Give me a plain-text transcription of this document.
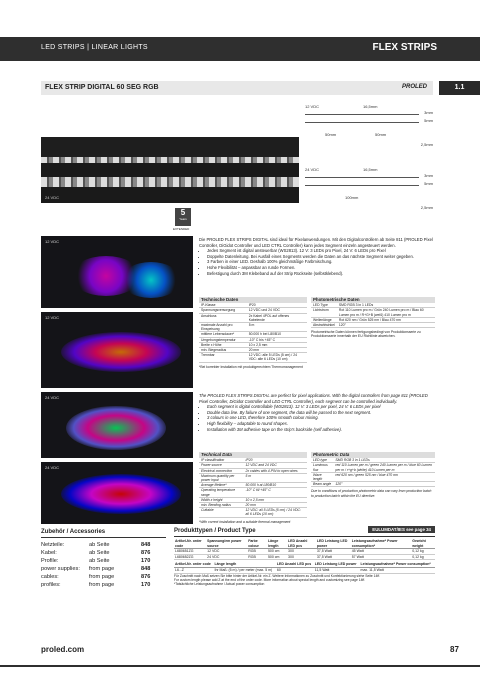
LED STRIPS | LINEAR LIGHTS	FLEX STRIPS
FLEX STRIP DIGITAL 60 SEG RGB	PROLED	1.1
24 VDC
12 VDC	16,5mm
3mm
5mm
50mm	50mm
2,5mm
24 VDC	16,5mm
3mm
5mm
100mm
2,5mm
5
Years
EXTENDED
12 VDC
12 VDC
24 VDC
24 VDC

Die PROLED FLEX STRIPS DIGITAL sind ideal für Pixelanwendungen. Mit den Digitalcontrollern ab Seite 811 (PROLED Pixel Controller, DiGidot Controller und LED CTRL Controller) kann jedes Segment einzeln angesteuert werden.

• Jedes Segment ist digital ansteuerbar (WS2813). 12 V: 3 LEDs pro Pixel, 24 V: 6 LEDs pro Pixel
• Doppelte Datenleitung. Bei Ausfall eines Segments werden die Daten an das nächste Segment weiter gegeben.
• 3 Farben in einer LED. Deshalb 100% gleichmäßige Farbmischung.
• Hohe Flexibilität – anpassbar an runde Formen.
• Befestigung durch 3M Klebeband auf der Strip Rückseite (selbstklebend).
Technische Daten
IP-Klasse	IP20
Spannungsversorgung	12 VDC und 24 VDC
Anschluss	2x Kabel 4POL auf offenes Kabelende
maximale Anzahl pro Einspeisung	5 m
mittlere Lebensdauer*	50.000 h bei L80/B10
Umgebungstemperatur	-10° C bis +45° C
Breite x Höhe	10 x 2,5 mm
min. Biegeradius	20 mm
Trennbar	12 VDC: alle 5 LEDs (5 cm) / 24 VDC: alle 6 LEDs (10 cm)
*Bei korrekter Installation mit produktgerechtem Thermomanagement
Photometrische Daten
LED Type	SMD RGB 3 in 1 LEDs
Lichtstrom	Rot 110 Lumen pro m / Grün 240 Lumen pro m / Blau 60 Lumen pro m / R+G+B (weiß) 410 Lumen pro m
Wellenlänge	Rot 620 nm / Grün 525 nm / Blau 470 nm
Abstrahlwinkel	120°
Photometrische Daten können fertigungsbedingt von Produktionsserie zu Produktionsserie innerhalb der EU Richtlinie abweichen.

The PROLED FLEX STRIPS DIGITAL are perfect for pixel applications. With the digital controllers from page 811 (PROLED Pixel Controller, DiGidot Controller and LED CTRL Controller), each segment can be controlled individually.

• Each segment is digital controllable (WS2813). 12 V: 3 LEDs per pixel, 24 V: 6 LEDs per pixel
• Double data line. By failure of one segment, the data will be passed to the next segment.
• 3 colours in one LED, therefore 100% smooth colour mixing.
• High flexibility – adaptable to round shapes.
• Installation with 3M adhesive tape on the strip's backside (self adhesive).
Technical Data
IP classification	IP20
Power source	12 VDC and 24 VDC
Electrical connection	2x cables with 4-PIN to open wires
Maximum quantity per power input	5 m
Average lifetime*	50.000 h at L80/B10
Operating temperature range	-10° C till +45° C
Width x height	10 x 2,5 mm
min. Bending radius	20 mm
Cuttable	12 VDC: all 5 LEDs (5 cm) / 24 VDC: all 6 LEDs (10 cm)
*With correct installation and a suitable thermal management
Photometric Data
LED type	SMD RGB 3 in 1 LEDs
Luminous flux	red 110 Lumen per m / green 240 Lumen per m / blue 60 Lumen per m / r+g+b (white) 410 Lumen per m
Wave length	red 620 nm / green 525 nm / blue 470 nm
Beam angle	120°
Due to conditions of production photometric data can vary from production batch to production batch within the EU directive.
Zubehör / Accessories
Netzteile:	ab Seite	848
Kabel:	ab Seite	876
Profile:	ab Seite	170
power supplies:	from page	848
cables:	from page	876
profiles:	from page	170
Produkttypen / Product Type	EULUMDAT/IES see page 34
Artikel-Nr. order code	Spannung/em power source	Farbe colour	Länge length	LED Anzahl LED pcs	LED Leistung LED power	Leistungsaufnahme* Power consumption*	Gewicht weight
L680651ZG	12 VDC	RGB	500 cm	300	37,5 Watt	45 Watt	0,12 kg
L680652ZG	24 VDC	RGB	500 cm	300	37,5 Watt	57 Watt	0,12 kg
Artikel-Nr. order code	Länge length	LED Anzahl LED pcs	LED Leistung LED power	Leistungsaufnahme* Power consumption*
L6...Z	Ihr Maß: (5 m) / per meter (max. 5 m)	60	11,5 Watt	max. 11,5 Watt
Für Zuschnitt nach Maß setzen Sie bitte hinter der Artikel-Nr. ein Z. Weitere Informationen zu Zuschnitt und Konfektionierung siehe Seite 14ff.
For custom length please add Z at the end of the order code. More information about special length and customizing see page 14ff.
*Tatsächliche Leistungsaufnahme / Actual power consumption
proled.com	87
